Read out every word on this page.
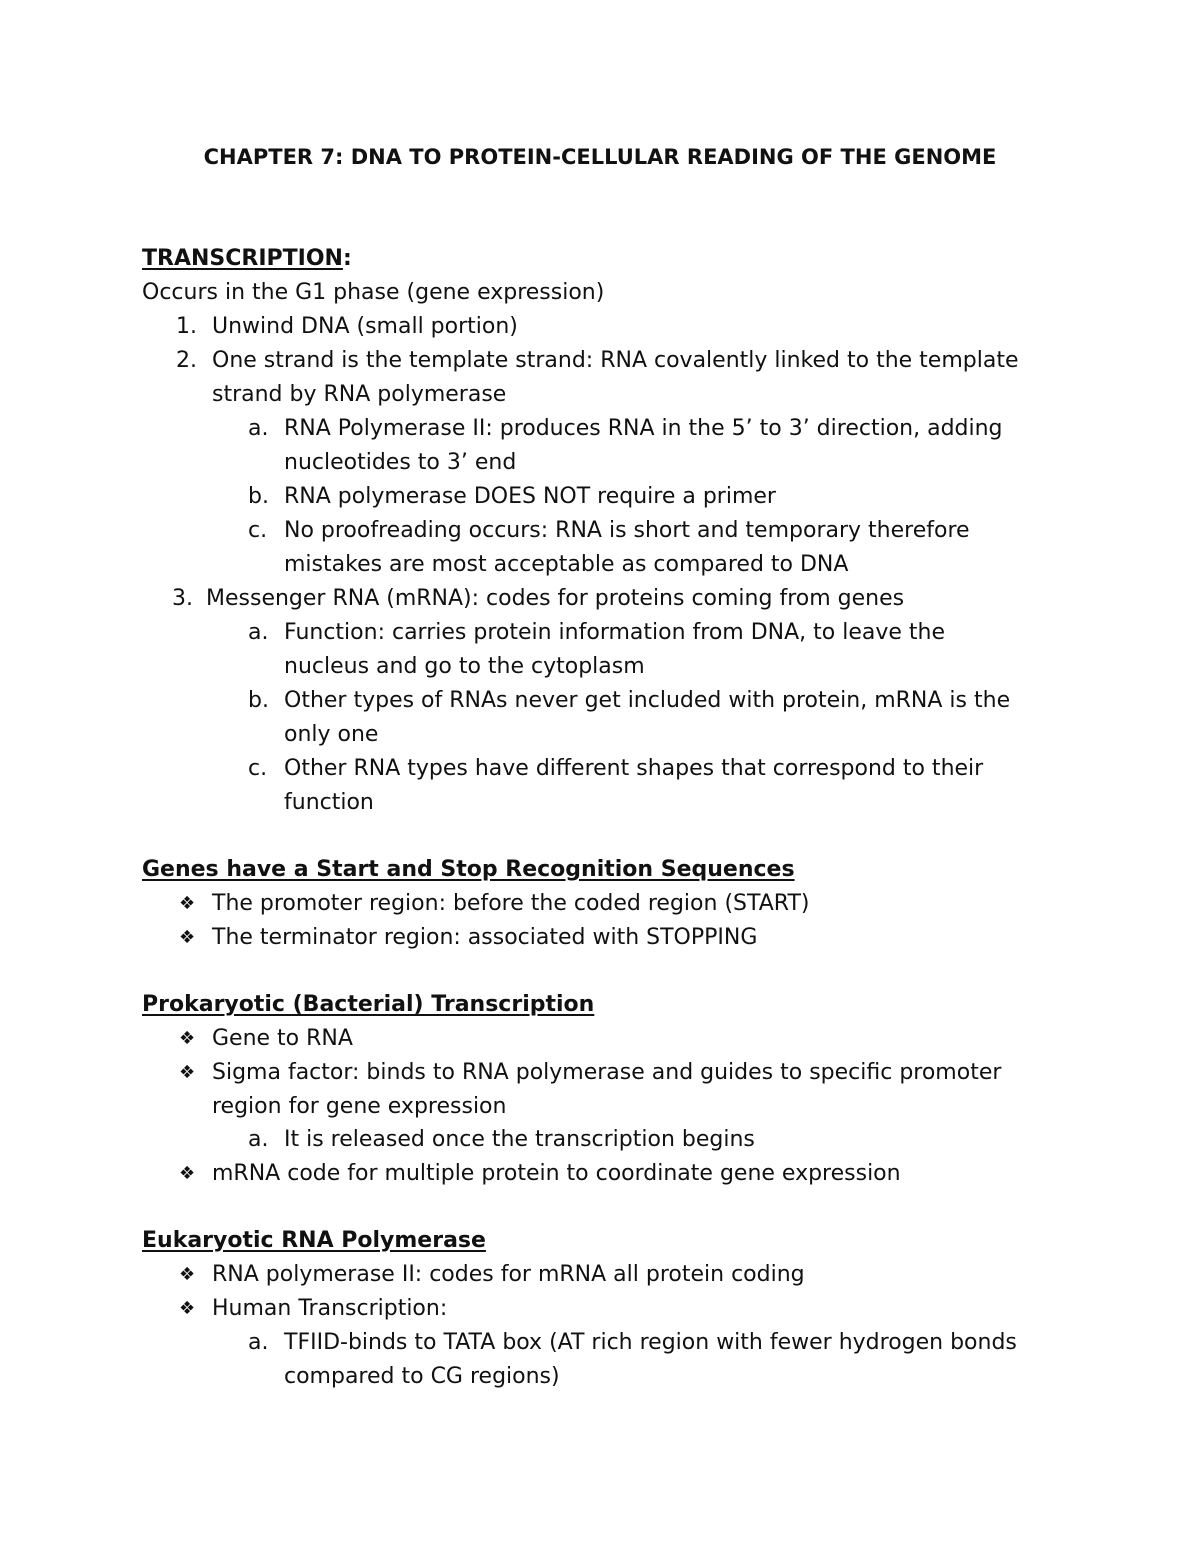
CHAPTER 7: DNA TO PROTEIN-CELLULAR READING OF THE GENOME
TRANSCRIPTION:
Occurs in the G1 phase (gene expression)
1. Unwind DNA (small portion)
2. One strand is the template strand: RNA covalently linked to the template
strand by RNA polymerase
a. RNA Polymerase II: produces RNA in the 5’ to 3’ direction, adding
nucleotides to 3’ end
b. RNA polymerase DOES NOT require a primer
c. No proofreading occurs: RNA is short and temporary therefore
mistakes are most acceptable as compared to DNA
3. Messenger RNA (mRNA): codes for proteins coming from genes
a. Function: carries protein information from DNA, to leave the
nucleus and go to the cytoplasm
b. Other types of RNAs never get included with protein, mRNA is the
only one
c. Other RNA types have different shapes that correspond to their
function
Genes have a Start and Stop Recognition Sequences
❖ The promoter region: before the coded region (START)
❖ The terminator region: associated with STOPPING
Prokaryotic (Bacterial) Transcription
❖ Gene to RNA
❖ Sigma factor: binds to RNA polymerase and guides to specific promoter
region for gene expression
a. It is released once the transcription begins
❖ mRNA code for multiple protein to coordinate gene expression
Eukaryotic RNA Polymerase
❖ RNA polymerase II: codes for mRNA all protein coding
❖ Human Transcription:
a. TFIID-binds to TATA box (AT rich region with fewer hydrogen bonds
compared to CG regions)
